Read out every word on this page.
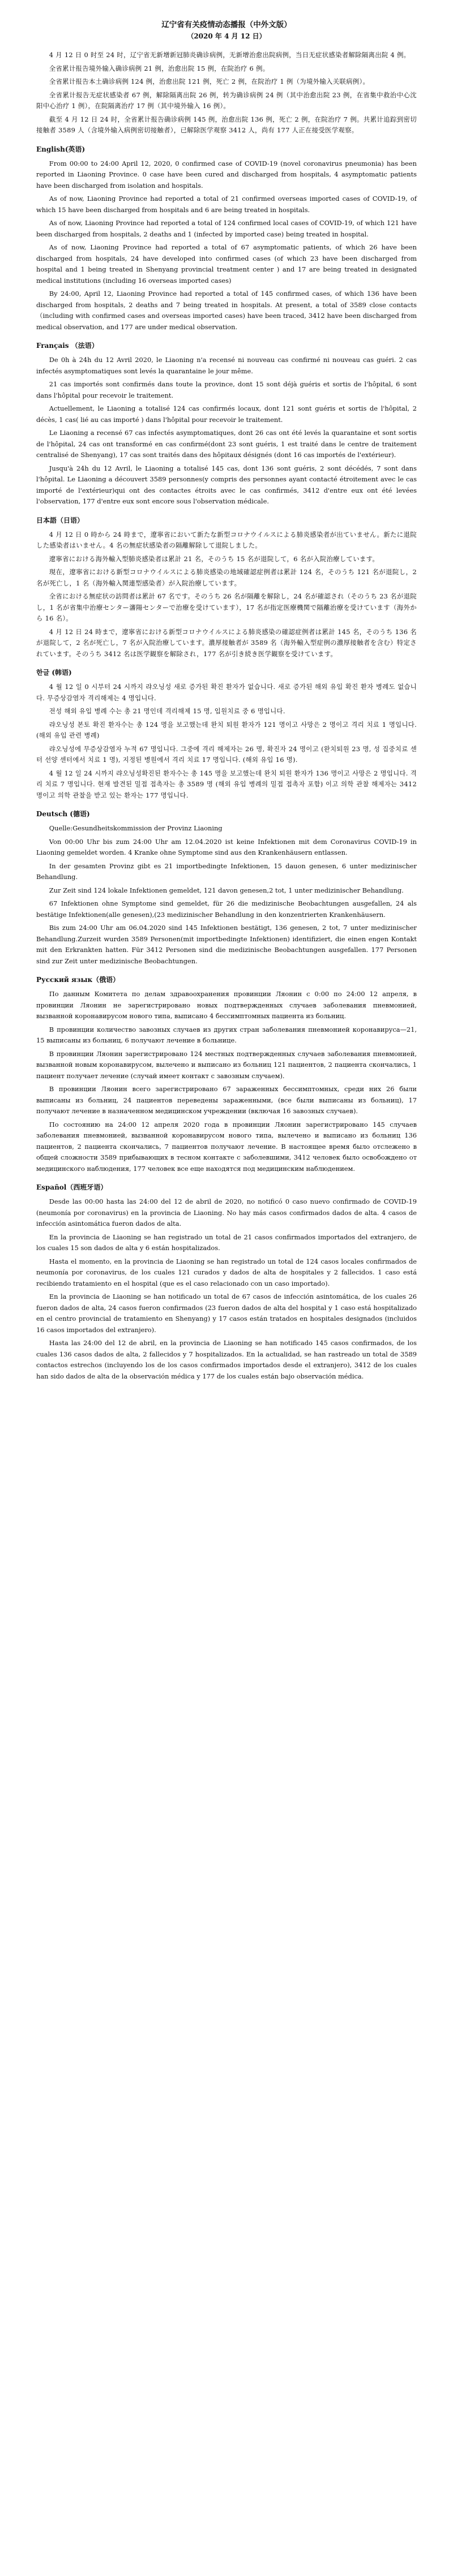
辽宁省有关疫情动态播报（中外文版）
（2020 年 4 月 12 日）

4 月 12 日 0 时至 24 时，辽宁省无新增新冠肺炎确诊病例，无新增治愈出院病例，当日无症状感染者解除隔离出院 4 例。

全省累计报告境外输入确诊病例 21 例，治愈出院 15 例，在院治疗 6 例。

全省累计报告本土确诊病例 124 例，治愈出院 121 例，死亡 2 例，在院治疗 1 例（为境外输入关联病例）。

全省累计报告无症状感染者 67 例，解除隔离出院 26 例，转为确诊病例 24 例（其中治愈出院 23 例，在省集中救治中心沈阳中心治疗 1 例），在院隔离治疗 17 例（其中境外输入 16 例）。

截至 4 月 12 日 24 时，全省累计报告确诊病例 145 例，治愈出院 136 例，死亡 2 例，在院治疗 7 例。共累计追踪到密切接触者 3589 人（含境外输入病例密切接触者），已解除医学观察 3412 人，尚有 177 人正在接受医学观察。

English(英语)

From 00:00 to 24:00 April 12, 2020, 0 confirmed case of COVID-19 (novel coronavirus pneumonia) has been reported in Liaoning Province. 0 case have been cured and discharged from hospitals, 4 asymptomatic patients have been discharged from isolation and hospitals.

As of now, Liaoning Province had reported a total of 21 confirmed overseas imported cases of COVID-19, of which 15 have been discharged from hospitals and 6 are being treated in hospitals.

As of now, Liaoning Province had reported a total of 124 confirmed local cases of COVID-19, of which 121 have been discharged from hospitals, 2 deaths and 1 (infected by imported case) being treated in hospital.

As of now, Liaoning Province had reported a total of 67 asymptomatic patients, of which 26 have been discharged from hospitals, 24 have developed into confirmed cases (of which 23 have been discharged from hospital and 1 being treated in Shenyang provincial treatment center ) and 17 are being treated in designated medical institutions (including 16 overseas imported cases)

By 24:00, April 12, Liaoning Province had reported a total of 145 confirmed cases, of which 136 have been discharged from hospitals, 2 deaths and 7 being treated in hospitals. At present, a total of 3589 close contacts（including with confirmed cases and overseas imported cases) have been traced, 3412 have been discharged from medical observation, and 177 are under medical observation.

Français （法语）

De 0h à 24h du 12 Avril 2020, le Liaoning n'a recensé ni nouveau cas confirmé ni nouveau cas guéri. 2 cas infectés asymptomatiques sont levés la quarantaine le jour même.

21 cas importés sont confirmés dans toute la province, dont 15 sont déjà guéris et sortis de l'hôpital, 6 sont dans l'hôpital pour recevoir le traitement.

Actuellement, le Liaoning a totalisé 124 cas confirmés locaux, dont 121 sont guéris et sortis de l'hôpital, 2 décès, 1 cas( lié au cas importé ) dans l'hôpital pour recevoir le traitement.

Le Liaoning a recensé 67 cas infectés asymptomatiques, dont 26 cas ont été levés la quarantaine et sont sortis de l'hôpital, 24 cas ont transformé en cas confirmé(dont 23 sont guéris, 1 est traité dans le centre de traitement centralisé de Shenyang), 17 cas sont traités dans des hôpitaux désignés (dont 16 cas importés de l'extérieur).

Jusqu'à 24h du 12 Avril, le Liaoning a totalisé 145 cas, dont 136 sont guéris, 2 sont décédés, 7 sont dans l'hôpital. Le Liaoning a découvert 3589 personnes(y compris des personnes ayant contacté étroitement avec le cas importé de l'extérieur)qui ont des contactes étroits avec le cas confirmés, 3412 d'entre eux ont été levées l'observation, 177 d'entre eux sont encore sous l'observation médicale.

日本語（日语）

4 月 12 日 0 時から 24 時まで，遼寧省において新たな新型コロナウイルスによる肺炎感染者が出ていません。新たに退院した感染者はいません。4 名の無症状感染者の隔離解除して退院しました。

遼寧省における海外輸入型肺炎感染者は累計 21 名，そのうち 15 名が退院して，6 名が入院治療しています。

現在，遼寧省における新型コロナウイルスによる肺炎感染の地域確認症例者は累計 124 名，そのうち 121 名が退院し，2 名が死亡し，1 名（海外輸入関連型感染者）が入院治療しています。

全省における無症状の訪問者は累計 67 名です。そのうち 26 名が隔離を解除し，24 名が確認され（そのうち 23 名が退院し，1 名が省集中治療センター瀋陽センターで治療を受けています），17 名が指定医療機関で隔離治療を受けています（海外から 16 名）。

4 月 12 日 24 時まで，遼寧省における新型コロナウイルスによる肺炎感染の確認症例者は累計 145 名，そのうち 136 名が退院して，2 名が死亡し，7 名が入院治療しています。濃厚接触者が 3589 名（海外輸入型症例の濃厚接触者を含む）特定されています。そのうち 3412 名は医学観察を解除され，177 名が引き続き医学観察を受けています。

한글 (韩语)

4 월 12 일 0 시부터 24 시까지 랴오닝성 새로 증가된 확진 환자가 없습니다. 새로 증가된 해외 유입 확진 환자 병례도 없습니다. 무증상감염자 격리해제는 4 명입니다.

전성 해외 유입 병례 수는 총 21 명인데 격리해제 15 명, 입원치료 중 6 명입니다.

랴오닝성 본토 확진 환자수는 총 124 명을 보고했는데 완치 퇴원 환자가 121 명이고 사망은 2 명이고 격리 치료 1 명입니다. (해외 유입 관련 병례)

랴오닝성에 무증상감염자 누적 67 명입니다. 그중에 격리 해제자는 26 명, 확진자 24 명이고 (완치퇴원 23 명, 성 집중치료 센터 선양 센터에서 치료 1 명), 지정된 병원에서 격리 치료 17 명입니다. (해외 유입 16 명).

4 월 12 일 24 시까지 랴오닝성확진된 환자수는 총 145 명을 보고했는데 완치 퇴원 환자가 136 명이고 사망은 2 명입니다. 격리 치료 7 명입니다. 현재 발견된 밀접 접촉자는 총 3589 명 (해외 유입 병례의 밀접 접촉자 포함) 이고 의학 관찰 해제자는 3412 명이고 의학 관찰을 받고 있는 환자는 177 명입니다.

Deutsch (德语)

Quelle:Gesundheitskommission der Provinz Liaoning

Von 00:00 Uhr bis zum 24:00 Uhr am 12.04.2020 ist keine Infektionen mit dem Coronavirus COVID-19 in Liaoning gemeldet worden. 4 Kranke ohne Symptome sind aus den Krankenhäusern entlassen.

In der gesamten Provinz gibt es 21 importbedingte Infektionen, 15 dauon genesen, 6 unter medizinischer Behandlung.

Zur Zeit sind 124 lokale Infektionen gemeldet, 121 davon genesen,2 tot, 1 unter medizinischer Behandlung.

67 Infektionen ohne Symptome sind gemeldet, für 26 die medizinische Beobachtungen ausgefallen, 24 als bestätige Infektionen(alle genesen),(23 medizinischer Behandlung in den konzentrierten Krankenhäusern.

Bis zum 24:00 Uhr am 06.04.2020 sind 145 Infektionen bestätigt, 136 genesen, 2 tot, 7 unter medizinischer Behandlung.Zurzeit wurden 3589 Personen(mit importbedingte Infektionen) identifiziert, die einen engen Kontakt mit den Erkrankten hatten. Für 3412 Personen sind die medizinische Beobachtungen ausgefallen. 177 Personen sind zur Zeit unter medizinische Beobachtungen.

Русский язык（俄语）

По данным Комитета по делам здравоохранения провинции Ляонин с 0:00 по 24:00 12 апреля, в провинции Ляонин не зарегистрировано новых подтвержденных случаев заболевания пневмонией, вызванной коронавирусом нового типа, выписано 4 бессимптомных пациента из больниц.

В провинции количество завозных случаев из других стран заболевания пневмонией коронавируса—21, 15 выписаны из больниц, 6 получают лечение в больнице.

В провинции Ляонин зарегистрировано 124 местных подтвержденных случаев заболевания пневмонией, вызванной новым коронавирусом, вылечено и выписано из больниц 121 пациентов, 2 пациента скончались, 1 пациент получает лечение (случай имеет контакт с завозным случаем).

В провинции Ляонин всего зарегистрировано 67 зараженных бессимптомных, среди них 26 были выписаны из больниц, 24 пациентов переведены зараженными, (все были выписаны из больниц), 17 получают лечение в назначенном медицинском учреждении (включая 16 завозных случаев).

По состоянию на 24:00 12 апреля 2020 года в провинции Ляонин зарегистрировано 145 случаев заболевания пневмонией, вызванной коронавирусом нового типа, вылечено и выписано из больниц 136 пациентов, 2 пациента скончались, 7 пациентов получают лечение. В настоящее время было отслежено в общей сложности 3589 прибывающих в тесном контакте с заболевшими, 3412 человек было освобождено от медицинского наблюдения, 177 человек все еще находятся под медицинским наблюдением.

Español（西班牙语）

Desde las 00:00 hasta las 24:00 del 12 de abril de 2020, no notificó 0 caso nuevo confirmado de COVID-19 (neumonía por coronavirus) en la provincia de Liaoning. No hay más casos confirmados dados de alta. 4 casos de infección asintomática fueron dados de alta.

En la provincia de Liaoning se han registrado un total de 21 casos confirmados importados del extranjero, de los cuales 15 son dados de alta y 6 están hospitalizados.

Hasta el momento, en la provincia de Liaoning se han registrado un total de 124 casos locales confirmados de neumonía por coronavirus, de los cuales 121 curados y dados de alta de hospitales y 2 fallecidos. 1 caso está recibiendo tratamiento en el hospital (que es el caso relacionado con un caso importado).

En la provincia de Liaoning se han notificado un total de 67 casos de infección asintomática, de los cuales 26 fueron dados de alta, 24 casos fueron confirmados (23 fueron dados de alta del hospital y 1 caso está hospitalizado en el centro provincial de tratamiento en Shenyang) y 17 casos están tratados en hospitales designados (incluidos 16 casos importados del extranjero).

Hasta las 24:00 del 12 de abril, en la provincia de Liaoning se han notificado 145 casos confirmados, de los cuales 136 casos dados de alta, 2 fallecidos y 7 hospitalizados. En la actualidad, se han rastreado un total de 3589 contactos estrechos (incluyendo los de los casos confirmados importados desde el extranjero), 3412 de los cuales han sido dados de alta de la observación médica y 177 de los cuales están bajo observación médica.
